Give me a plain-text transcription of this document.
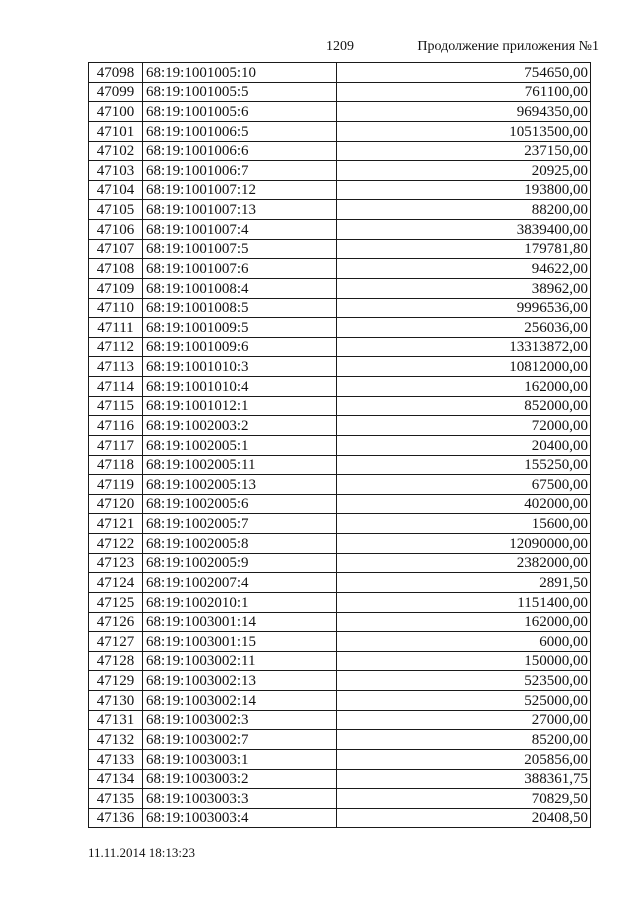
1209	Продолжение приложения №1
47098	68:19:1001005:10	754650,00
47099	68:19:1001005:5	761100,00
47100	68:19:1001005:6	9694350,00
47101	68:19:1001006:5	10513500,00
47102	68:19:1001006:6	237150,00
47103	68:19:1001006:7	20925,00
47104	68:19:1001007:12	193800,00
47105	68:19:1001007:13	88200,00
47106	68:19:1001007:4	3839400,00
47107	68:19:1001007:5	179781,80
47108	68:19:1001007:6	94622,00
47109	68:19:1001008:4	38962,00
47110	68:19:1001008:5	9996536,00
47111	68:19:1001009:5	256036,00
47112	68:19:1001009:6	13313872,00
47113	68:19:1001010:3	10812000,00
47114	68:19:1001010:4	162000,00
47115	68:19:1001012:1	852000,00
47116	68:19:1002003:2	72000,00
47117	68:19:1002005:1	20400,00
47118	68:19:1002005:11	155250,00
47119	68:19:1002005:13	67500,00
47120	68:19:1002005:6	402000,00
47121	68:19:1002005:7	15600,00
47122	68:19:1002005:8	12090000,00
47123	68:19:1002005:9	2382000,00
47124	68:19:1002007:4	2891,50
47125	68:19:1002010:1	1151400,00
47126	68:19:1003001:14	162000,00
47127	68:19:1003001:15	6000,00
47128	68:19:1003002:11	150000,00
47129	68:19:1003002:13	523500,00
47130	68:19:1003002:14	525000,00
47131	68:19:1003002:3	27000,00
47132	68:19:1003002:7	85200,00
47133	68:19:1003003:1	205856,00
47134	68:19:1003003:2	388361,75
47135	68:19:1003003:3	70829,50
47136	68:19:1003003:4	20408,50
11.11.2014 18:13:23
